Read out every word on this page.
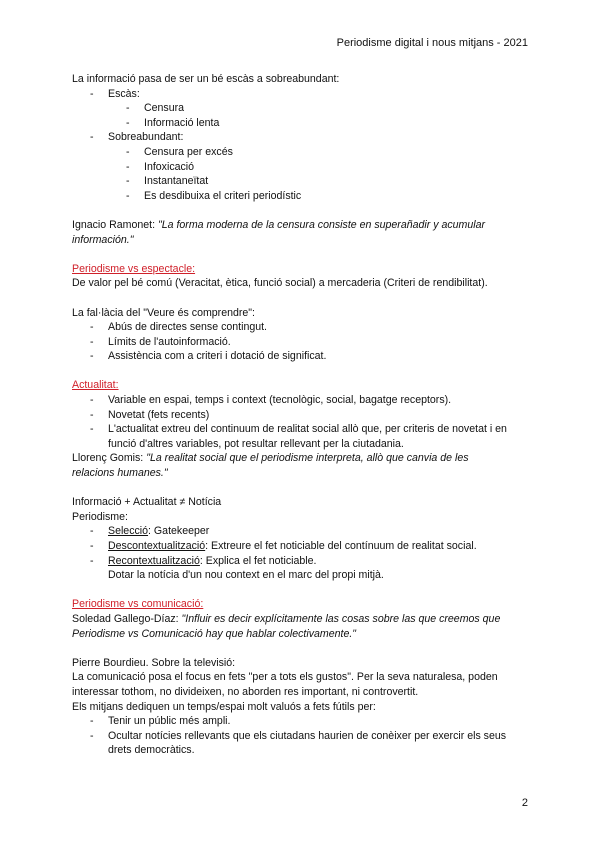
Periodisme digital i nous mitjans - 2021
La informació pasa de ser un bé escàs a sobreabundant:
- Escàs:
- Censura
- Informació lenta
- Sobreabundant:
- Censura per excés
- Infoxicació
- Instantaneïtat
- Es desdibuixa el criteri periodístic
Ignacio Ramonet: "La forma moderna de la censura consiste en superañadir y acumular
información."
Periodisme vs espectacle:
De valor pel bé comú (Veracitat, ètica, funció social) a mercaderia (Criteri de rendibilitat).
La fal·làcia del "Veure és comprendre":
- Abús de directes sense contingut.
- Límits de l'autoinformació.
- Assistència com a criteri i dotació de significat.
Actualitat:
- Variable en espai, temps i context (tecnològic, social, bagatge receptors).
- Novetat (fets recents)
- L'actualitat extreu del continuum de realitat social allò que, per criteris de novetat i en
funció d'altres variables, pot resultar rellevant per la ciutadania.
Llorenç Gomis: "La realitat social que el periodisme interpreta, allò que canvia de les
relacions humanes."
Informació + Actualitat ≠ Notícia
Periodisme:
- Selecció: Gatekeeper
- Descontextualització: Extreure el fet noticiable del contínuum de realitat social.
- Recontextualització: Explica el fet noticiable.
Dotar la notícia d'un nou context en el marc del propi mitjà.
Periodisme vs comunicació:
Soledad Gallego-Díaz: "Influir es decir explícitamente las cosas sobre las que creemos que
Periodisme vs Comunicació hay que hablar colectivamente."
Pierre Bourdieu. Sobre la televisió:
La comunicació posa el focus en fets "per a tots els gustos". Per la seva naturalesa, poden
interessar tothom, no divideixen, no aborden res important, ni controvertit.
Els mitjans dediquen un temps/espai molt valuós a fets fútils per:
- Tenir un públic més ampli.
- Ocultar notícies rellevants que els ciutadans haurien de conèixer per exercir els seus
drets democràtics.
2
